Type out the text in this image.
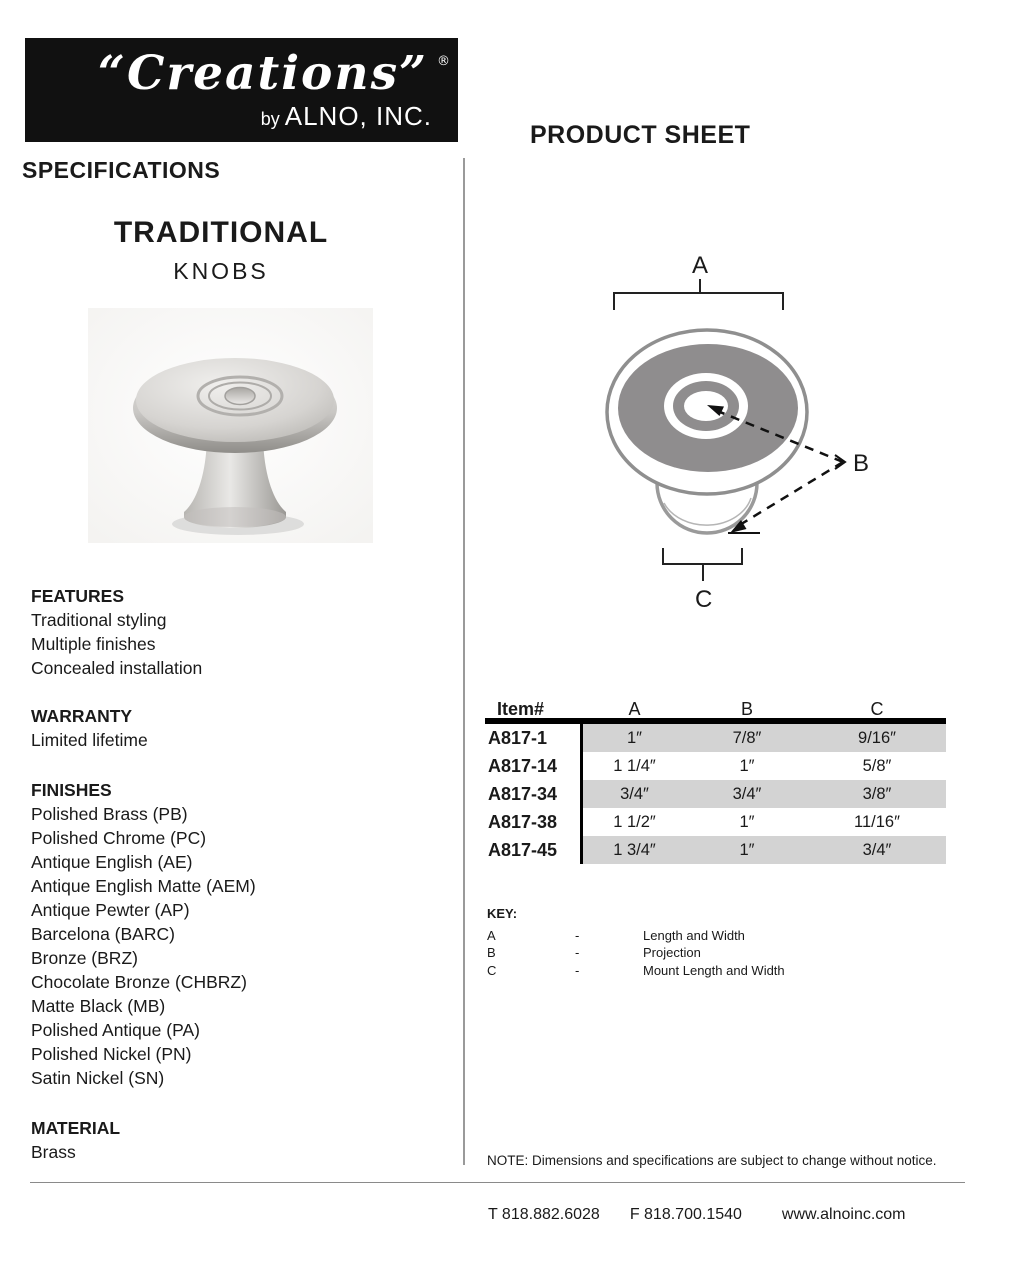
“Creations” ®
by ALNO, INC.
PRODUCT SHEET
SPECIFICATIONS
TRADITIONAL
KNOBS
FEATURES
Traditional styling
Multiple finishes
Concealed installation
WARRANTY
Limited lifetime
FINISHES
Polished Brass (PB)
Polished Chrome (PC)
Antique English (AE)
Antique English Matte (AEM)
Antique Pewter (AP)
Barcelona (BARC)
Bronze (BRZ)
Chocolate Bronze (CHBRZ)
Matte Black (MB)
Polished Antique (PA)
Polished Nickel (PN)
Satin Nickel (SN)
MATERIAL
Brass
A
B
C
Item#	A	B	C
A817-1	1″	7/8″	9/16″
A817-14	1 1/4″	1″	5/8″
A817-34	3/4″	3/4″	3/8″
A817-38	1 1/2″	1″	11/16″
A817-45	1 3/4″	1″	3/4″
KEY:
A	-	Length and Width
B	-	Projection
C	-	Mount Length and Width
NOTE: Dimensions and specifications are subject to change without notice.
T 818.882.6028 F 818.700.1540	www.alnoinc.com
